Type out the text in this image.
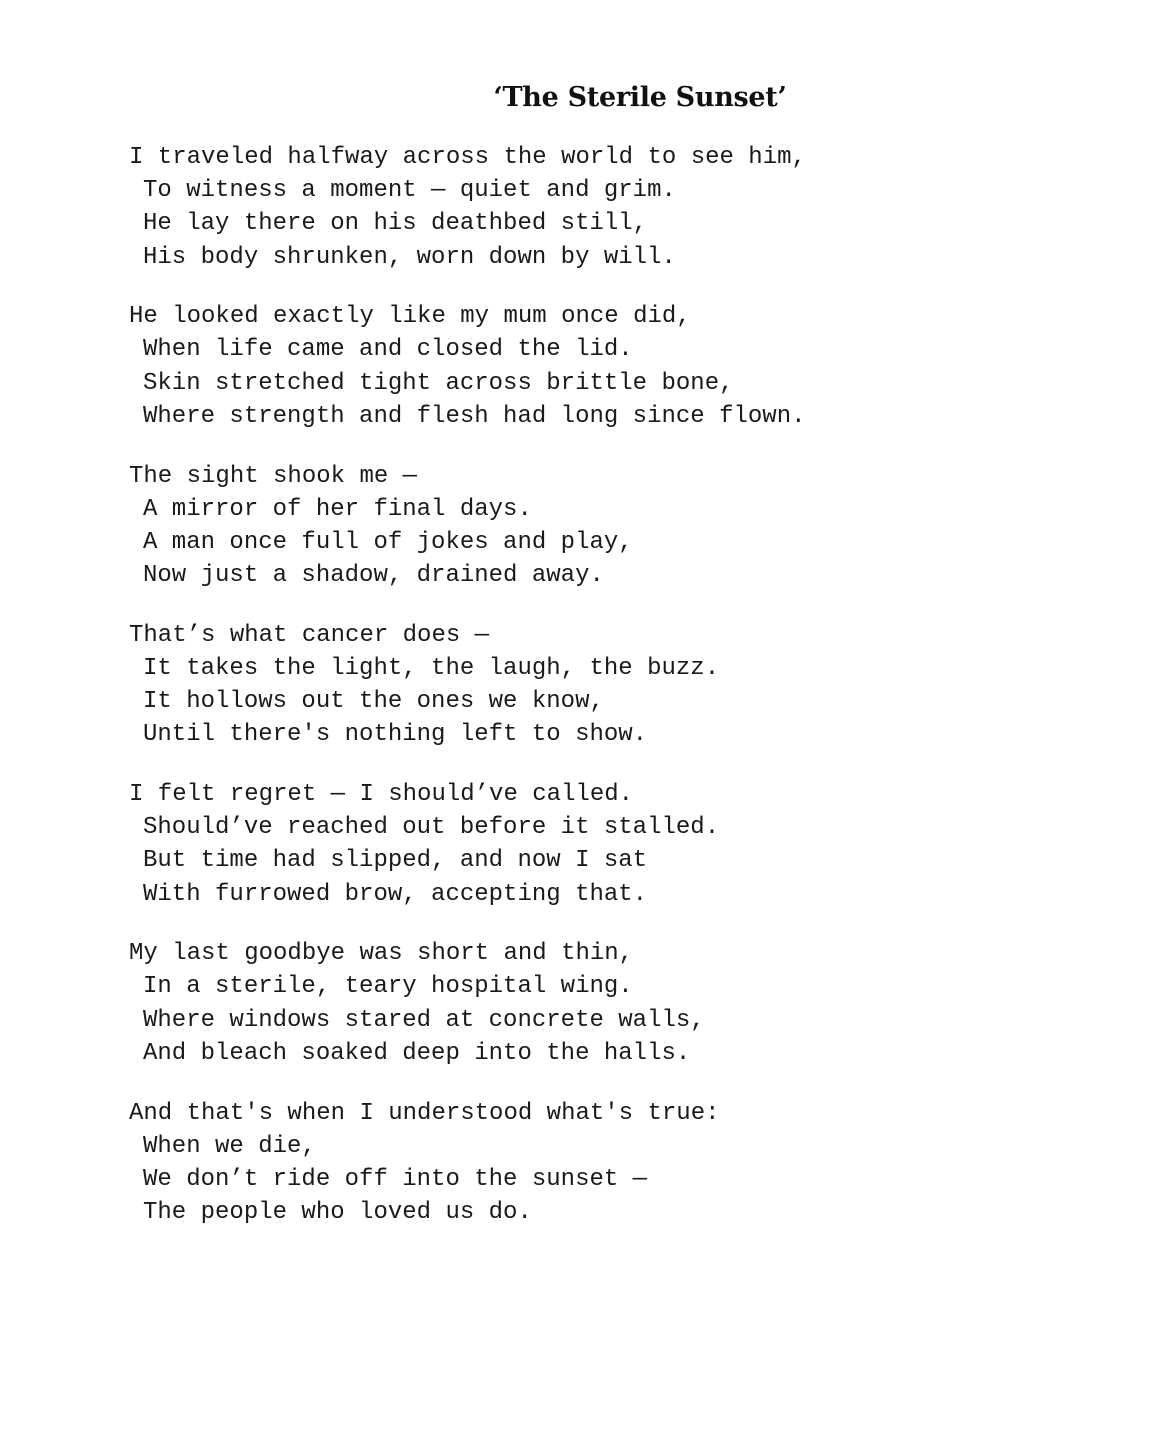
‘The Sterile Sunset’
I traveled halfway across the world to see him,
To witness a moment — quiet and grim.
He lay there on his deathbed still,
His body shrunken, worn down by will.
He looked exactly like my mum once did,
When life came and closed the lid.
Skin stretched tight across brittle bone,
Where strength and flesh had long since flown.
The sight shook me —
A mirror of her final days.
A man once full of jokes and play,
Now just a shadow, drained away.
That’s what cancer does —
It takes the light, the laugh, the buzz.
It hollows out the ones we know,
Until there's nothing left to show.
I felt regret — I should’ve called.
Should’ve reached out before it stalled.
But time had slipped, and now I sat
With furrowed brow, accepting that.
My last goodbye was short and thin,
In a sterile, teary hospital wing.
Where windows stared at concrete walls,
And bleach soaked deep into the halls.
And that's when I understood what's true:
When we die,
We don’t ride off into the sunset —
The people who loved us do.
